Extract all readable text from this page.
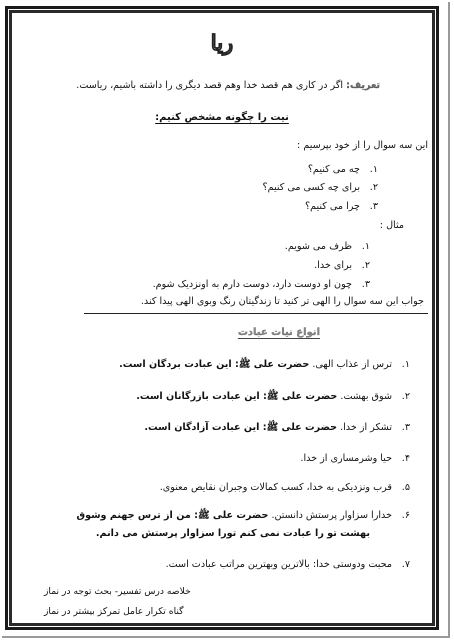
ریا
تعریف: اگر در کاری هم قصد خدا وهم قصد دیگری را داشته باشیم، ریاست.
نیت را چگونه مشخص کنیم:
این سه سوال را از خود بپرسیم :
۱.چه می کنیم؟
۲.برای چه کسی می کنیم؟
۳.چرا می کنیم؟
مثال :
۱.ظرف می شویم.
۲.برای خدا.
۳.چون او دوست دارد، دوست دارم به اونزدیک شوم.
جواب این سه سوال را الهی تر کنید تا زندگیتان رنگ وبوی الهی پیدا کند.
انواع نیات عبادت
۱.ترس از عذاب الهی. حضرت علی ﷺ: این عبادت بردگان است.
۲.شوق بهشت. حضرت علی ﷺ: این عبادت بازرگانان است.
۳.تشکر از خدا. حضرت علی ﷺ: این عبادت آزادگان است.
۴.حیا وشرمساری از خدا.
۵.قرب ونزدیکی به خدا، کسب کمالات وجبران نقایص معنوی.
۶.خدارا سزاوار پرستش دانستن. حضرت علی ﷺ: من از ترس جهنم وشوق
بهشت تو را عبادت نمی کنم تورا سزاوار پرستش می دانم.
۷.محبت ودوستی خدا: بالاترین وبهترین مراتب عبادت است.
خلاصه درس تفسیر- بحث توجه در نماز
گناه تکرار عامل تمرکز بیشتر در نماز
